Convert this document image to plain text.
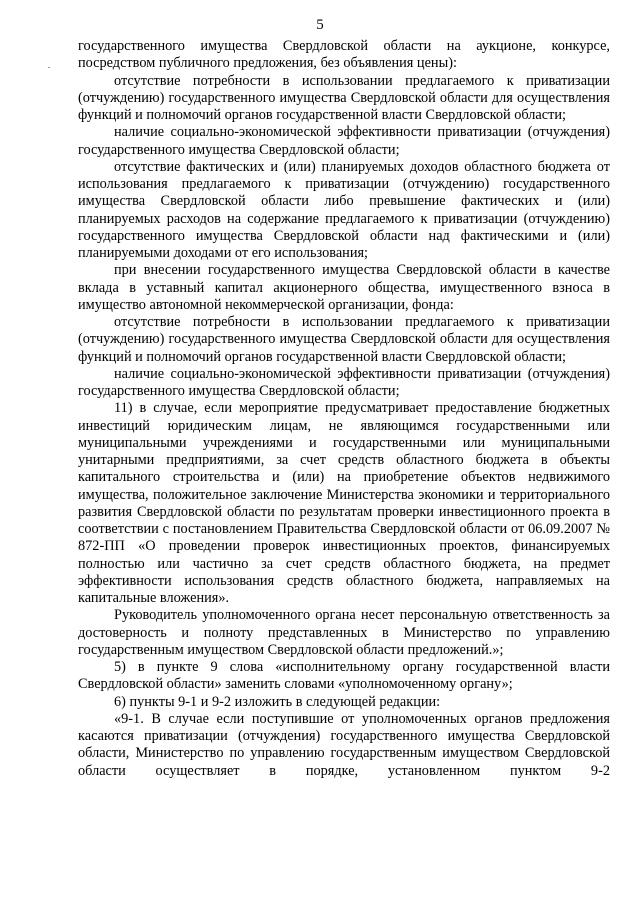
5

государственного имущества Свердловской области на аукционе, конкурсе, посредством публичного предложения, без объявления цены):

отсутствие потребности в использовании предлагаемого к приватизации (отчуждению) государственного имущества Свердловской области для осуществления функций и полномочий органов государственной власти Свердловской области;

наличие социально-экономической эффективности приватизации (отчуждения) государственного имущества Свердловской области;

отсутствие фактических и (или) планируемых доходов областного бюджета от использования предлагаемого к приватизации (отчуждению) государственного имущества Свердловской области либо превышение фактических и (или) планируемых расходов на содержание предлагаемого к приватизации (отчуждению) государственного имущества Свердловской области над фактическими и (или) планируемыми доходами от его использования;

при внесении государственного имущества Свердловской области в качестве вклада в уставный капитал акционерного общества, имущественного взноса в имущество автономной некоммерческой организации, фонда:

отсутствие потребности в использовании предлагаемого к приватизации (отчуждению) государственного имущества Свердловской области для осуществления функций и полномочий органов государственной власти Свердловской области;

наличие социально-экономической эффективности приватизации (отчуждения) государственного имущества Свердловской области;

11) в случае, если мероприятие предусматривает предоставление бюджетных инвестиций юридическим лицам, не являющимся государственными или муниципальными учреждениями и государственными или муниципальными унитарными предприятиями, за счет средств областного бюджета в объекты капитального строительства и (или) на приобретение объектов недвижимого имущества, положительное заключение Министерства экономики и территориального развития Свердловской области по результатам проверки инвестиционного проекта в соответствии с постановлением Правительства Свердловской области от 06.09.2007 № 872-ПП «О проведении проверок инвестиционных проектов, финансируемых полностью или частично за счет средств областного бюджета, на предмет эффективности использования средств областного бюджета, направляемых на капитальные вложения».

Руководитель уполномоченного органа несет персональную ответственность за достоверность и полноту представленных в Министерство по управлению государственным имуществом Свердловской области предложений.»;

5) в пункте 9 слова «исполнительному органу государственной власти Свердловской области» заменить словами «уполномоченному органу»;

6) пункты 9-1 и 9-2 изложить в следующей редакции:

«9-1. В случае если поступившие от уполномоченных органов предложения касаются приватизации (отчуждения) государственного имущества Свердловской области, Министерство по управлению государственным имуществом Свердловской области осуществляет в порядке, установленном пунктом 9-2
